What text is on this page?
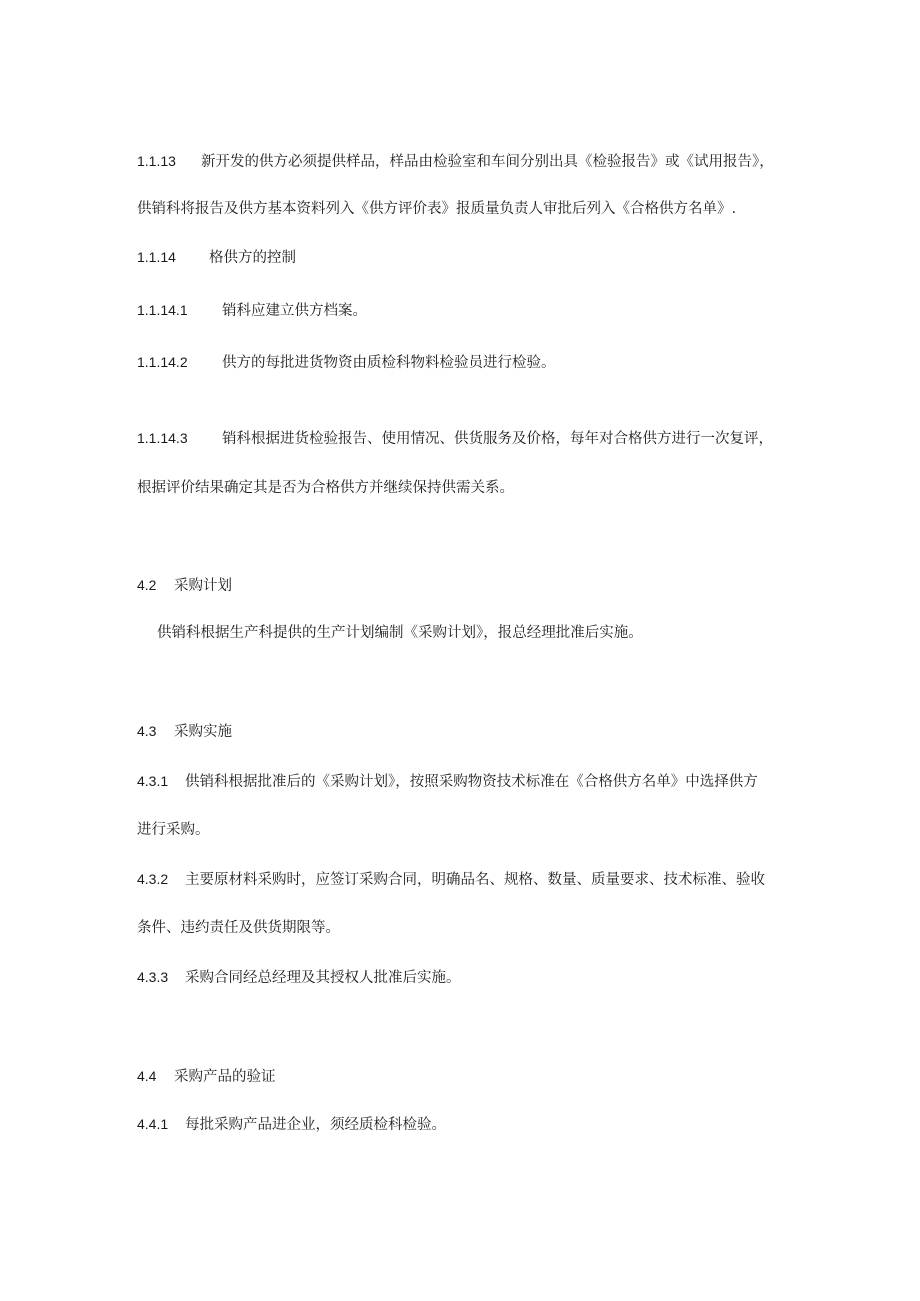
1.1.13 新开发的供方必须提供样品，样品由检验室和车间分别出具《检验报告》或《试用报告》，
供销科将报告及供方基本资料列入《供方评价表》报质量负责人审批后列入《合格供方名单》.
1.1.14 格供方的控制
1.1.14.1 销科应建立供方档案。
1.1.14.2 供方的每批进货物资由质检科物料检验员进行检验。
1.1.14.3 销科根据进货检验报告、使用情况、供货服务及价格，每年对合格供方进行一次复评，
根据评价结果确定其是否为合格供方并继续保持供需关系。
4.2 采购计划
供销科根据生产科提供的生产计划编制《采购计划》，报总经理批准后实施。
4.3 采购实施
4.3.1 供销科根据批准后的《采购计划》，按照采购物资技术标准在《合格供方名单》中选择供方
进行采购。
4.3.2 主要原材料采购时，应签订采购合同，明确品名、规格、数量、质量要求、技术标准、验收
条件、违约责任及供货期限等。
4.3.3 采购合同经总经理及其授权人批准后实施。
4.4 采购产品的验证
4.4.1 每批采购产品进企业，须经质检科检验。
